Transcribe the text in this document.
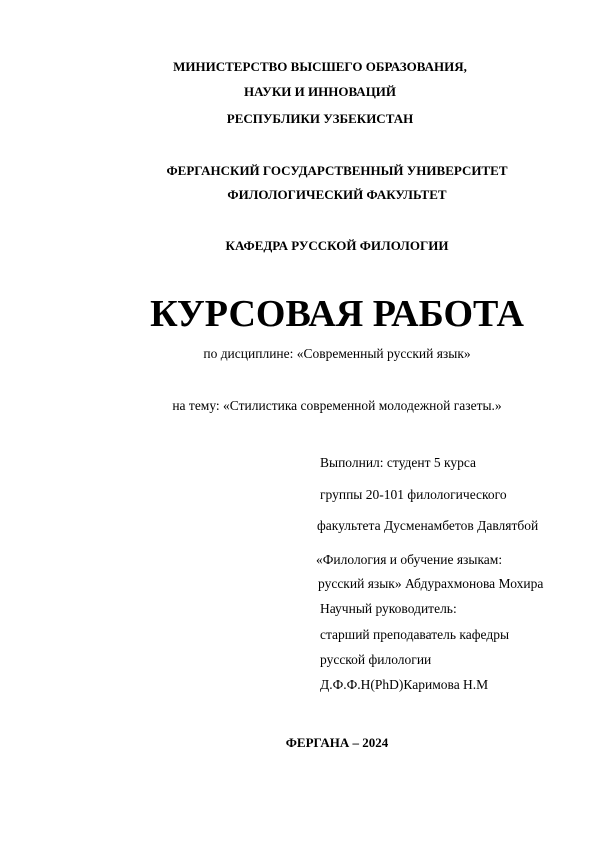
МИНИСТЕРСТВО ВЫСШЕГО ОБРАЗОВАНИЯ,
НАУКИ И ИННОВАЦИЙ
РЕСПУБЛИКИ УЗБЕКИСТАН
ФЕРГАНСКИЙ ГОСУДАРСТВЕННЫЙ УНИВЕРСИТЕТ
ФИЛОЛОГИЧЕСКИЙ ФАКУЛЬТЕТ
КАФЕДРА РУССКОЙ ФИЛОЛОГИИ
КУРСОВАЯ РАБОТА
по дисциплине: «Современный русский язык»
на тему: «Стилистика современной молодежной газеты.»
Выполнил: студент 5 курса
группы 20-101 филологического
факультета Дусменамбетов Давлятбой
«Филология и обучение языкам:
русский язык» Абдурахмонова Мохира
Научный руководитель:
старший преподаватель кафедры
русской филологии
Д.Ф.Ф.Н(PhD)Каримова Н.М
ФЕРГАНА – 2024
